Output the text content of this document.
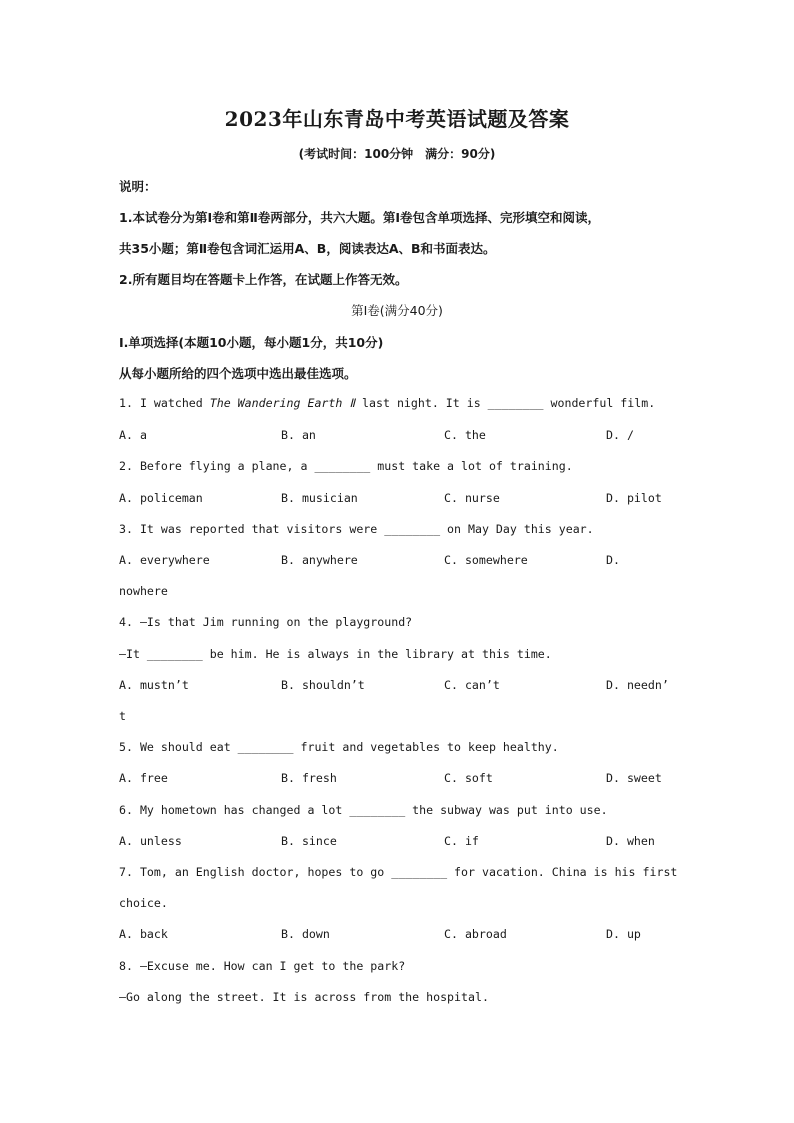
2023年山东青岛中考英语试题及答案
(考试时间：100分钟　满分：90分)
说明：
1.本试卷分为第Ⅰ卷和第Ⅱ卷两部分，共六大题。第Ⅰ卷包含单项选择、完形填空和阅读，
共35小题；第Ⅱ卷包含词汇运用A、B，阅读表达A、B和书面表达。
2.所有题目均在答题卡上作答，在试题上作答无效。
第Ⅰ卷(满分40分)
I.单项选择(本题10小题，每小题1分，共10分)
从每小题所给的四个选项中选出最佳选项。
1. I watched The Wandering Earth Ⅱ last night. It is ________ wonderful film.
A. a	B. an	C. the	D. /
2. Before flying a plane, a ________ must take a lot of training.
A. policeman	B. musician	C. nurse	D. pilot
3. It was reported that visitors were ________ on May Day this year.
A. everywhere	B. anywhere	C. somewhere	D.
nowhere
4. —Is that Jim running on the playground?
—It ________ be him. He is always in the library at this time.
A. mustn’t	B. shouldn’t	C. can’t	D. needn’
t
5. We should eat ________ fruit and vegetables to keep healthy.
A. free	B. fresh	C. soft	D. sweet
6. My hometown has changed a lot ________ the subway was put into use.
A. unless	B. since	C. if	D. when
7. Tom, an English doctor, hopes to go ________ for vacation. China is his first
choice.
A. back	B. down	C. abroad	D. up
8. —Excuse me. How can I get to the park?
—Go along the street. It is across from the hospital.
